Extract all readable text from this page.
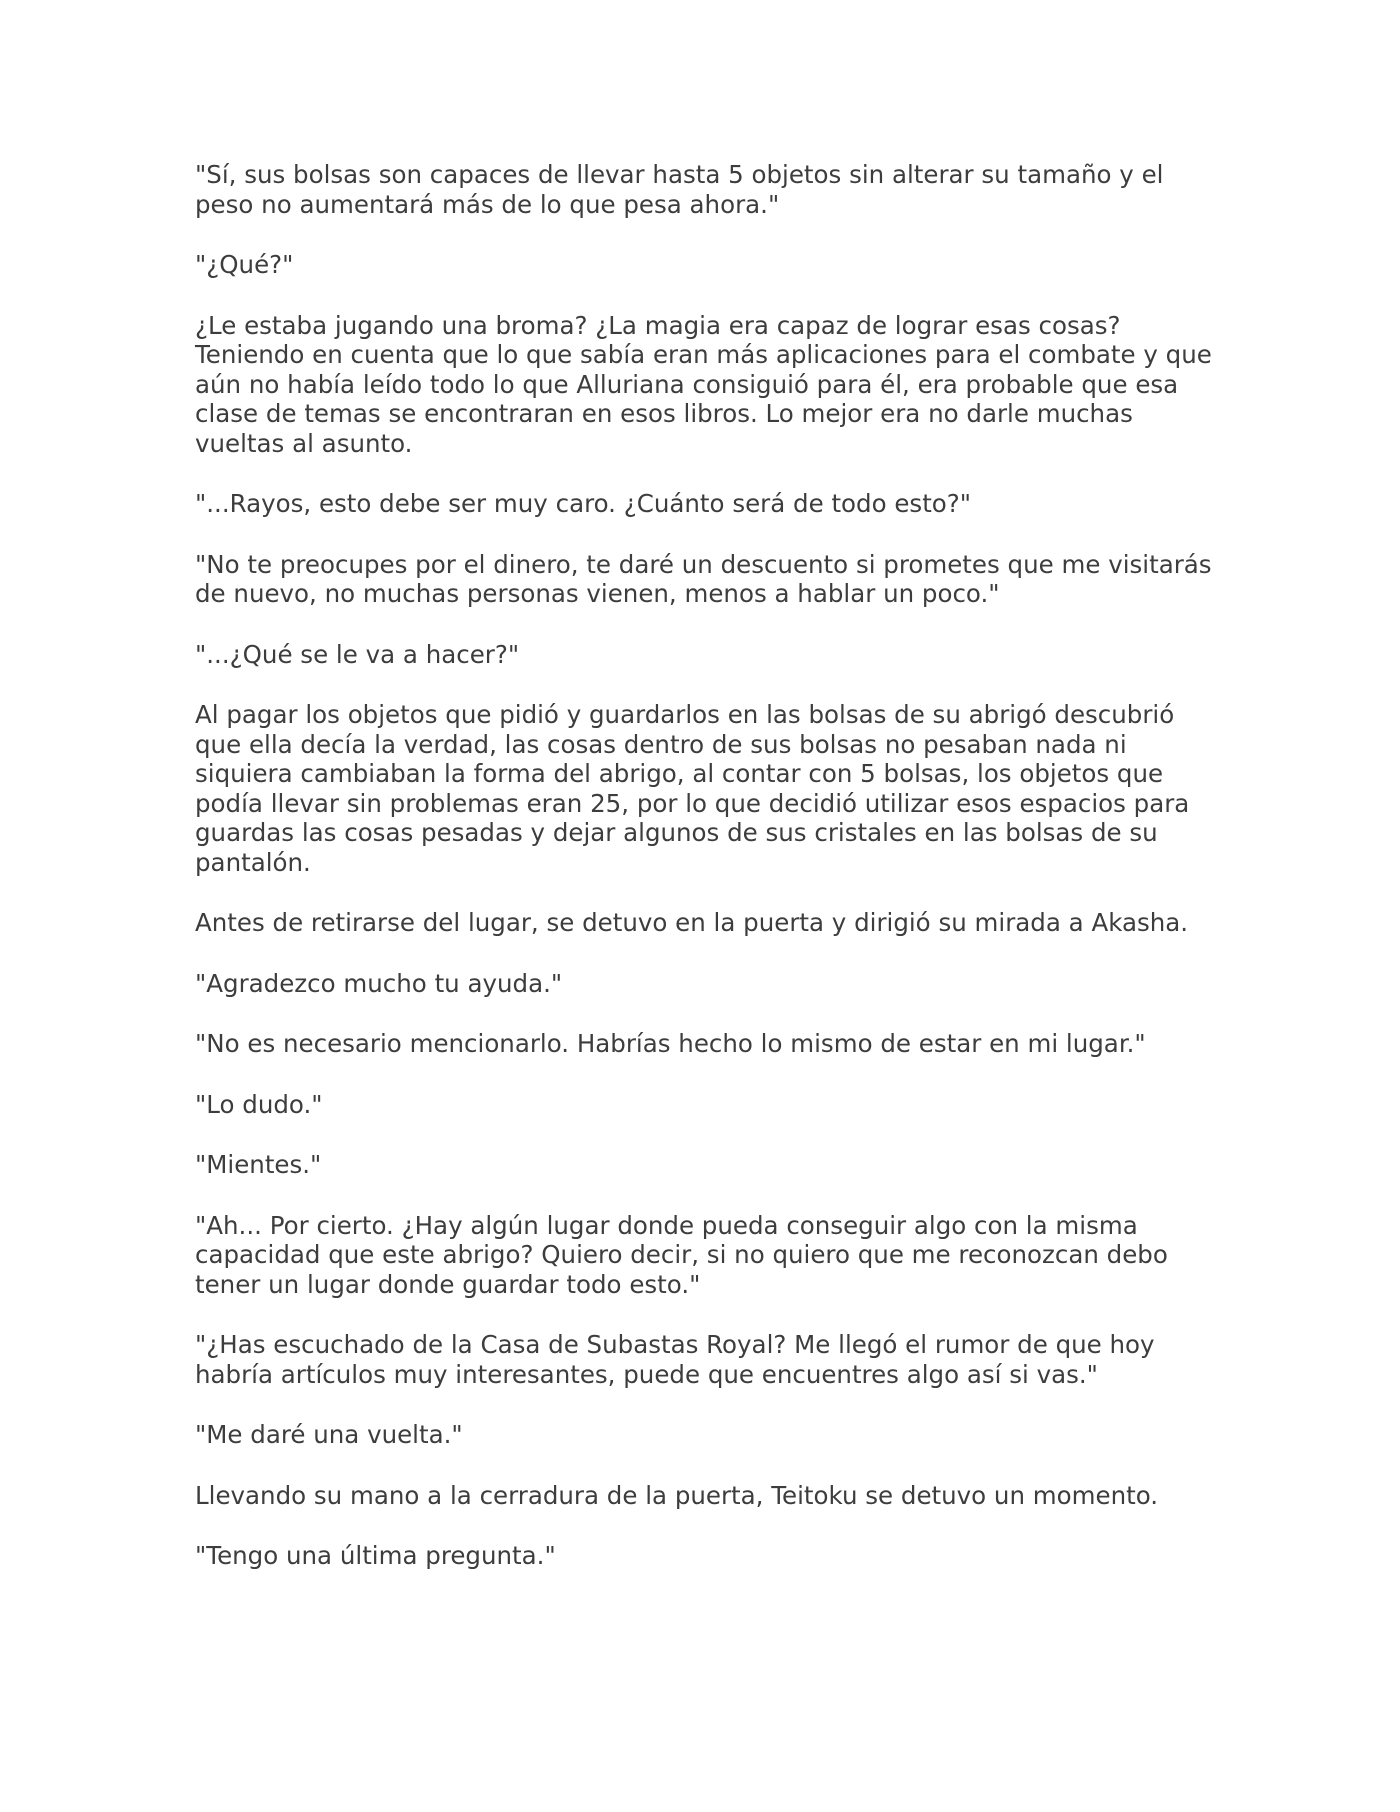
"Sí, sus bolsas son capaces de llevar hasta 5 objetos sin alterar su tamaño y el peso no aumentará más de lo que pesa ahora."

"¿Qué?"

¿Le estaba jugando una broma? ¿La magia era capaz de lograr esas cosas? Teniendo en cuenta que lo que sabía eran más aplicaciones para el combate y que aún no había leído todo lo que Alluriana consiguió para él, era probable que esa clase de temas se encontraran en esos libros. Lo mejor era no darle muchas vueltas al asunto.

"...Rayos, esto debe ser muy caro. ¿Cuánto será de todo esto?"

"No te preocupes por el dinero, te daré un descuento si prometes que me visitarás de nuevo, no muchas personas vienen, menos a hablar un poco."

"...¿Qué se le va a hacer?"

Al pagar los objetos que pidió y guardarlos en las bolsas de su abrigó descubrió que ella decía la verdad, las cosas dentro de sus bolsas no pesaban nada ni siquiera cambiaban la forma del abrigo, al contar con 5 bolsas, los objetos que podía llevar sin problemas eran 25, por lo que decidió utilizar esos espacios para guardas las cosas pesadas y dejar algunos de sus cristales en las bolsas de su pantalón.

Antes de retirarse del lugar, se detuvo en la puerta y dirigió su mirada a Akasha.

"Agradezco mucho tu ayuda."

"No es necesario mencionarlo. Habrías hecho lo mismo de estar en mi lugar."

"Lo dudo."

"Mientes."

"Ah... Por cierto. ¿Hay algún lugar donde pueda conseguir algo con la misma capacidad que este abrigo? Quiero decir, si no quiero que me reconozcan debo tener un lugar donde guardar todo esto."

"¿Has escuchado de la Casa de Subastas Royal? Me llegó el rumor de que hoy habría artículos muy interesantes, puede que encuentres algo así si vas."

"Me daré una vuelta."

Llevando su mano a la cerradura de la puerta, Teitoku se detuvo un momento.

"Tengo una última pregunta."
